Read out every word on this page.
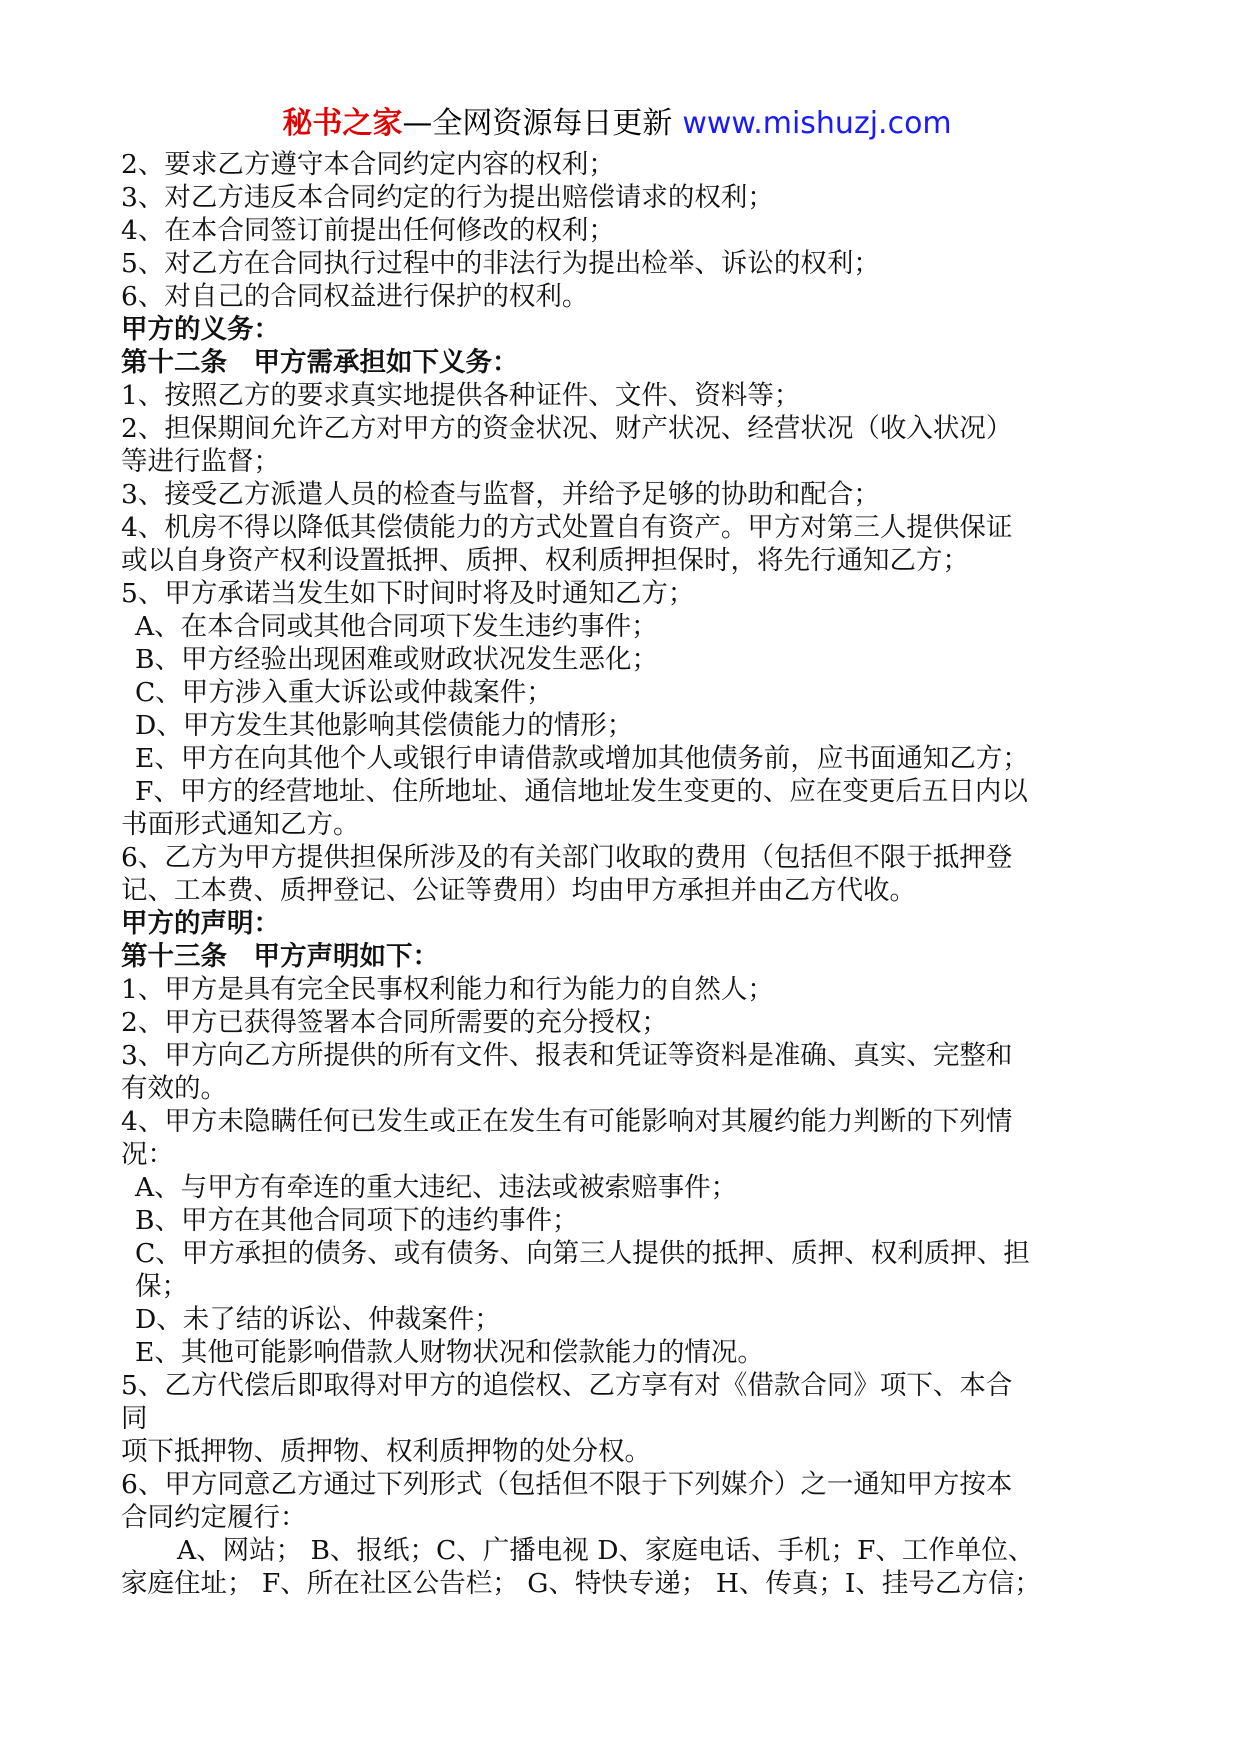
秘书之家—全网资源每日更新 www.mishuzj.com
2、要求乙方遵守本合同约定内容的权利；
3、对乙方违反本合同约定的行为提出赔偿请求的权利；
4、在本合同签订前提出任何修改的权利；
5、对乙方在合同执行过程中的非法行为提出检举、诉讼的权利；
6、对自己的合同权益进行保护的权利。
甲方的义务：
第十二条　甲方需承担如下义务：
1、按照乙方的要求真实地提供各种证件、文件、资料等；
2、担保期间允许乙方对甲方的资金状况、财产状况、经营状况（收入状况）
等进行监督；
3、接受乙方派遣人员的检查与监督，并给予足够的协助和配合；
4、机房不得以降低其偿债能力的方式处置自有资产。甲方对第三人提供保证
或以自身资产权利设置抵押、质押、权利质押担保时，将先行通知乙方；
5、甲方承诺当发生如下时间时将及时通知乙方；
A、在本合同或其他合同项下发生违约事件；
B、甲方经验出现困难或财政状况发生恶化；
C、甲方涉入重大诉讼或仲裁案件；
D、甲方发生其他影响其偿债能力的情形；
E、甲方在向其他个人或银行申请借款或增加其他债务前，应书面通知乙方；
F、甲方的经营地址、住所地址、通信地址发生变更的、应在变更后五日内以
书面形式通知乙方。
6、乙方为甲方提供担保所涉及的有关部门收取的费用（包括但不限于抵押登
记、工本费、质押登记、公证等费用）均由甲方承担并由乙方代收。
甲方的声明：
第十三条　甲方声明如下：
1、甲方是具有完全民事权利能力和行为能力的自然人；
2、甲方已获得签署本合同所需要的充分授权；
3、甲方向乙方所提供的所有文件、报表和凭证等资料是准确、真实、完整和
有效的。
4、甲方未隐瞒任何已发生或正在发生有可能影响对其履约能力判断的下列情
况：
A、与甲方有牵连的重大违纪、违法或被索赔事件；
B、甲方在其他合同项下的违约事件；
C、甲方承担的债务、或有债务、向第三人提供的抵押、质押、权利质押、担
保；
D、未了结的诉讼、仲裁案件；
E、其他可能影响借款人财物状况和偿款能力的情况。
5、乙方代偿后即取得对甲方的追偿权、乙方享有对《借款合同》项下、本合
同
项下抵押物、质押物、权利质押物的处分权。
6、甲方同意乙方通过下列形式（包括但不限于下列媒介）之一通知甲方按本
合同约定履行：
A、网站； B、报纸；C、广播电视 D、家庭电话、手机；F、工作单位、
家庭住址； F、所在社区公告栏； G、特快专递； H、传真；I、挂号乙方信；
